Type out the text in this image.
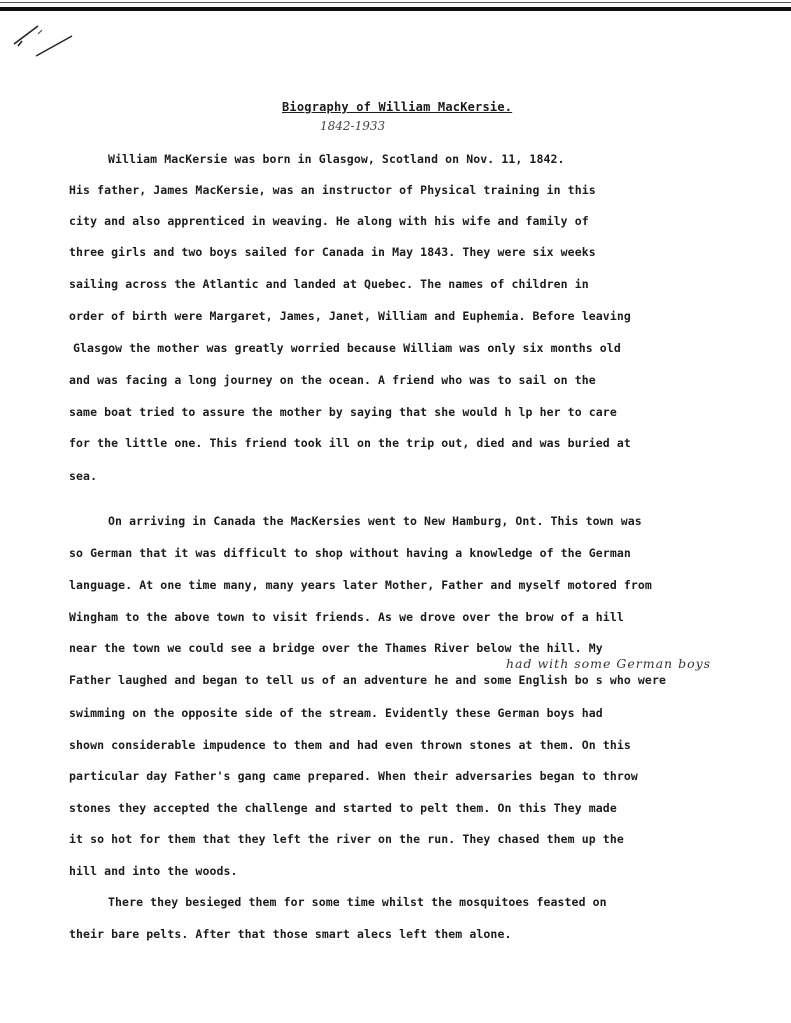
Biography of William MacKersie.
1842-1933
William MacKersie was born in Glasgow, Scotland on Nov. 11, 1842.
His father, James MacKersie, was an instructor of Physical training in this
city and also apprenticed in weaving. He along with his wife and family of
three girls and two boys sailed for Canada in May 1843. They were six weeks
sailing across the Atlantic and landed at Quebec. The names of children in
order of birth were Margaret, James, Janet, William and Euphemia. Before leaving
Glasgow the mother was greatly worried because William was only six months old
and was facing a long journey on the ocean. A friend who was to sail on the
same boat tried to assure the mother by saying that she would h lp her to care
for the little one. This friend took ill on the trip out, died and was buried at
sea.
On arriving in Canada the MacKersies went to New Hamburg, Ont. This town was
so German that it was difficult to shop without having a knowledge of the German
language. At one time many, many years later Mother, Father and myself motored from
Wingham to the above town to visit friends. As we drove over the brow of a hill
near the town we could see a bridge over the Thames River below the hill. My
had with some German boys
Father laughed and began to tell us of an adventure he and some English bo s who were
swimming on the opposite side of the stream. Evidently these German boys had
shown considerable impudence to them and had even thrown stones at them. On this
particular day Father's gang came prepared. When their adversaries began to throw
stones they accepted the challenge and started to pelt them. On this They made
it so hot for them that they left the river on the run. They chased them up the
hill and into the woods.
There they besieged them for some time whilst the mosquitoes feasted on
their bare pelts. After that those smart alecs left them alone.
